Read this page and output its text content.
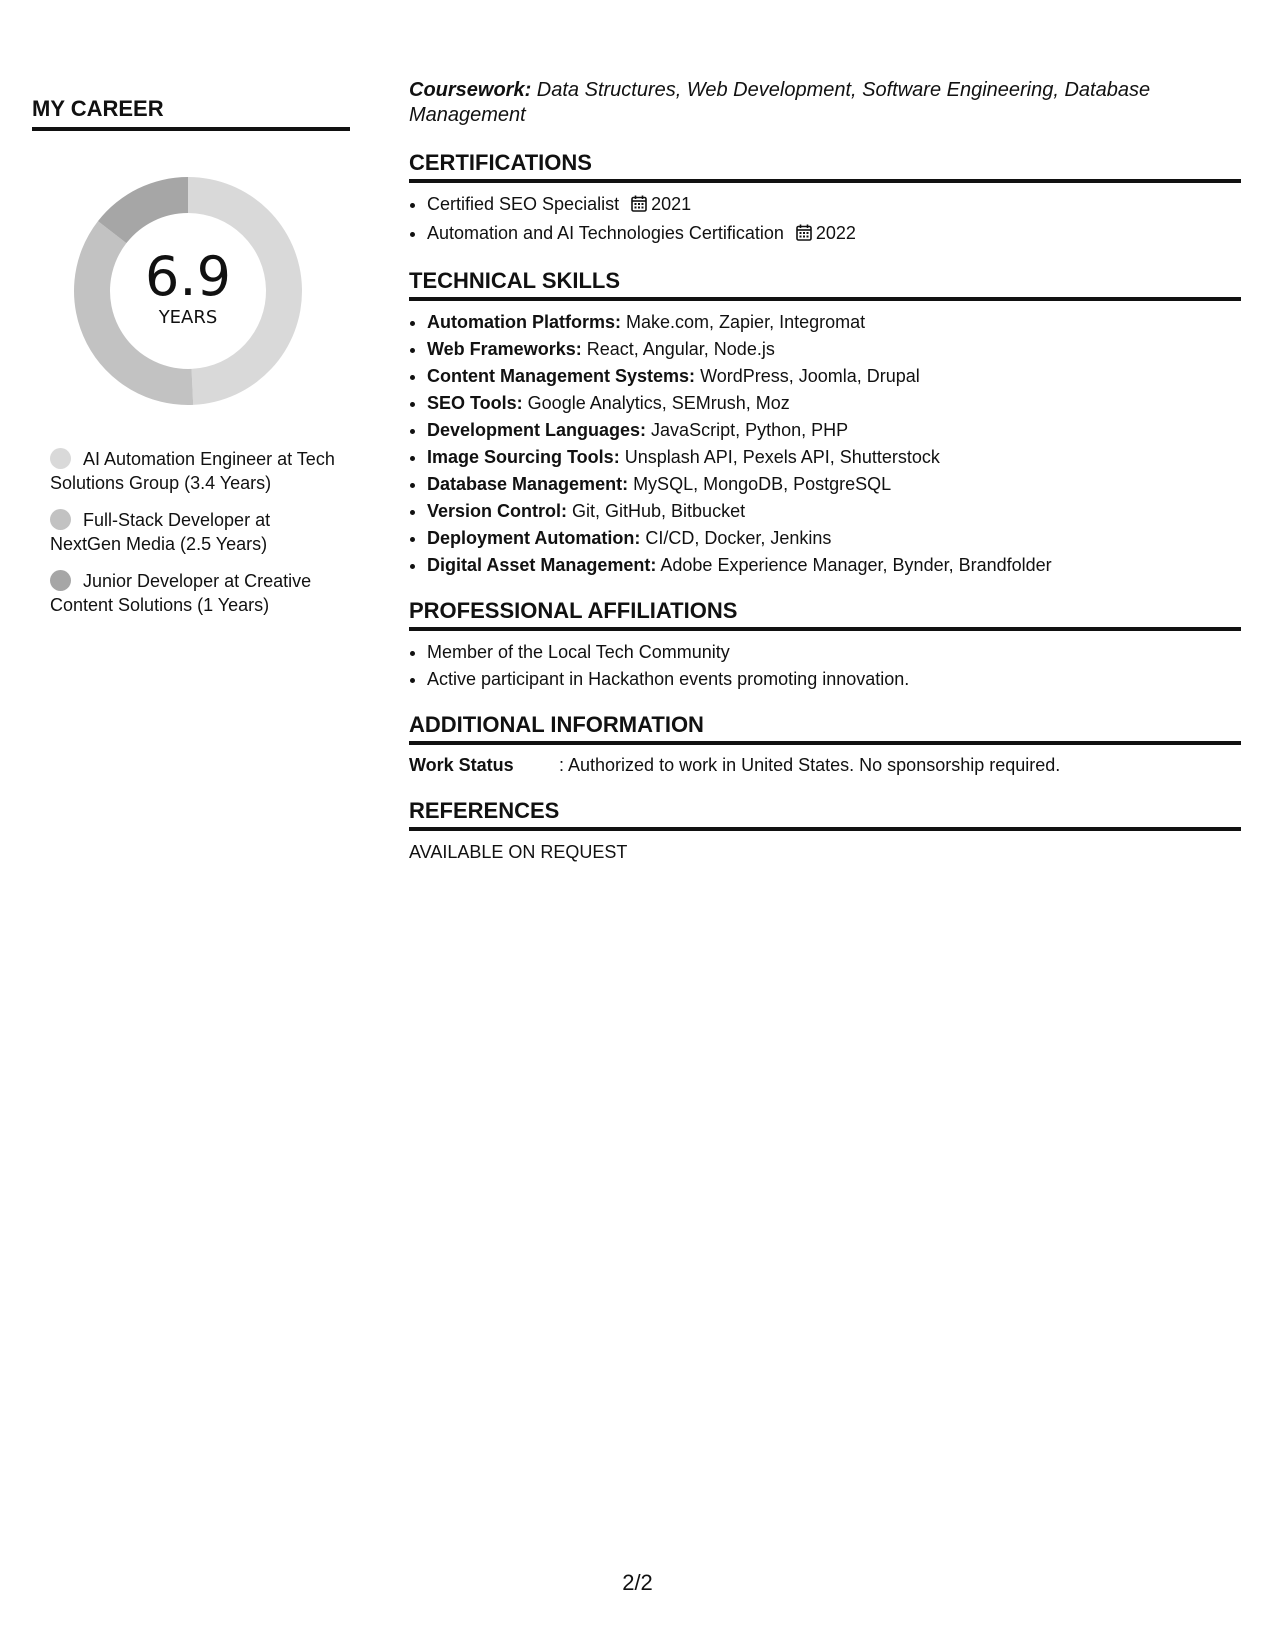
MY CAREER
6.9
YEARS
AI Automation Engineer at Tech Solutions Group (3.4 Years)
Full-Stack Developer at NextGen Media (2.5 Years)
Junior Developer at Creative Content Solutions (1 Years)

Coursework: Data Structures, Web Development, Software Engineering, Database Management

CERTIFICATIONS
• Certified SEO Specialist 2021
• Automation and AI Technologies Certification 2022
TECHNICAL SKILLS
• Automation Platforms: Make.com, Zapier, Integromat
• Web Frameworks: React, Angular, Node.js
• Content Management Systems: WordPress, Joomla, Drupal
• SEO Tools: Google Analytics, SEMrush, Moz
• Development Languages: JavaScript, Python, PHP
• Image Sourcing Tools: Unsplash API, Pexels API, Shutterstock
• Database Management: MySQL, MongoDB, PostgreSQL
• Version Control: Git, GitHub, Bitbucket
• Deployment Automation: CI/CD, Docker, Jenkins
• Digital Asset Management: Adobe Experience Manager, Bynder, Brandfolder
PROFESSIONAL AFFILIATIONS
• Member of the Local Tech Community
• Active participant in Hackathon events promoting innovation.
ADDITIONAL INFORMATION
Work Status	: Authorized to work in United States. No sponsorship required.
REFERENCES

AVAILABLE ON REQUEST

2/2
